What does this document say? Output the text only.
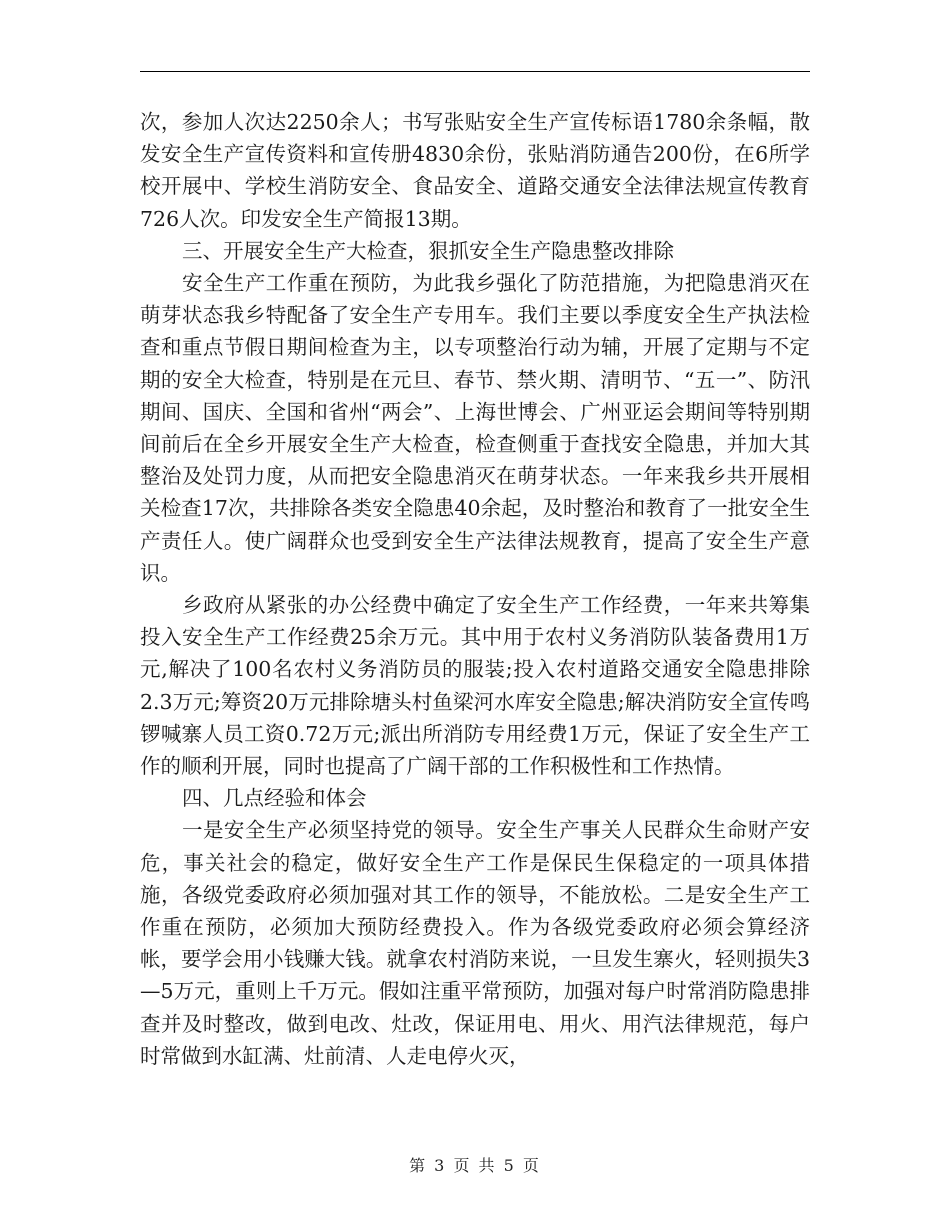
次，参加人次达2250余人；书写张贴安全生产宣传标语1780余条幅，散发安全生产宣传资料和宣传册4830余份，张贴消防通告200份，在6所学校开展中、学校生消防安全、食品安全、道路交通安全法律法规宣传教育726人次。印发安全生产简报13期。

三、开展安全生产大检查，狠抓安全生产隐患整改排除

安全生产工作重在预防，为此我乡强化了防范措施，为把隐患消灭在萌芽状态我乡特配备了安全生产专用车。我们主要以季度安全生产执法检查和重点节假日期间检查为主，以专项整治行动为辅，开展了定期与不定期的安全大检查，特别是在元旦、春节、禁火期、清明节、“五一”、防汛期间、国庆、全国和省州“两会”、上海世博会、广州亚运会期间等特别期间前后在全乡开展安全生产大检查，检查侧重于查找安全隐患，并加大其整治及处罚力度，从而把安全隐患消灭在萌芽状态。一年来我乡共开展相关检查17次，共排除各类安全隐患40余起，及时整治和教育了一批安全生产责任人。使广阔群众也受到安全生产法律法规教育，提高了安全生产意识。

乡政府从紧张的办公经费中确定了安全生产工作经费，一年来共筹集投入安全生产工作经费25余万元。其中用于农村义务消防队装备费用1万元,解决了100名农村义务消防员的服装;投入农村道路交通安全隐患排除2.3万元;筹资20万元排除塘头村鱼梁河水库安全隐患;解决消防安全宣传鸣锣喊寨人员工资0.72万元;派出所消防专用经费1万元，保证了安全生产工作的顺利开展，同时也提高了广阔干部的工作积极性和工作热情。

四、几点经验和体会

一是安全生产必须坚持党的领导。安全生产事关人民群众生命财产安危，事关社会的稳定，做好安全生产工作是保民生保稳定的一项具体措施，各级党委政府必须加强对其工作的领导，不能放松。二是安全生产工作重在预防，必须加大预防经费投入。作为各级党委政府必须会算经济帐，要学会用小钱赚大钱。就拿农村消防来说，一旦发生寨火，轻则损失3—5万元，重则上千万元。假如注重平常预防，加强对每户时常消防隐患排查并及时整改，做到电改、灶改，保证用电、用火、用汽法律规范，每户时常做到水缸满、灶前清、人走电停火灭，

第 3 页 共 5 页
